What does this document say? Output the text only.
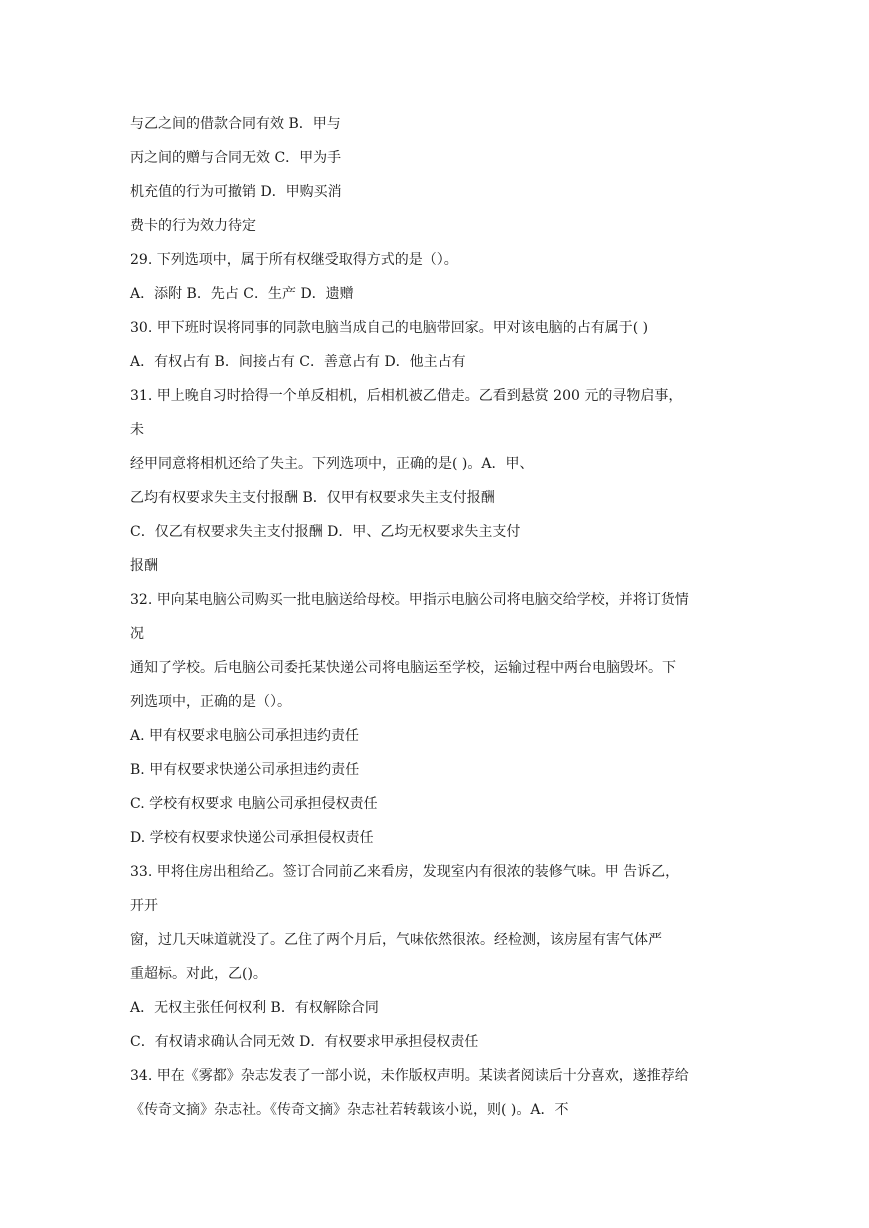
与乙之间的借款合同有效 B．甲与

丙之间的赠与合同无效 C．甲为手

机充值的行为可撤销 D．甲购买消

费卡的行为效力待定

29. 下列选项中，属于所有权继受取得方式的是（）。

A．添附 B．先占 C．生产 D．遗赠

30. 甲下班时误将同事的同款电脑当成自己的电脑带回家。甲对该电脑的占有属于( )

A．有权占有 B．间接占有 C．善意占有 D．他主占有

31. 甲上晚自习时拾得一个单反相机，后相机被乙借走。乙看到悬赏 200 元的寻物启事，

未

经甲同意将相机还给了失主。下列选项中，正确的是( )。A．甲、

乙均有权要求失主支付报酬 B．仅甲有权要求失主支付报酬

C．仅乙有权要求失主支付报酬 D．甲、乙均无权要求失主支付

报酬

32. 甲向某电脑公司购买一批电脑送给母校。甲指示电脑公司将电脑交给学校，并将订货情

况

通知了学校。后电脑公司委托某快递公司将电脑运至学校，运输过程中两台电脑毁坏。下

列选项中，正确的是（）。

A. 甲有权要求电脑公司承担违约责任

B. 甲有权要求快递公司承担违约责任

C. 学校有权要求 电脑公司承担侵权责任

D. 学校有权要求快递公司承担侵权责任

33. 甲将住房出租给乙。签订合同前乙来看房，发现室内有很浓的装修气味。甲 告诉乙，

开开

窗，过几天味道就没了。乙住了两个月后，气味依然很浓。经检测，该房屋有害气体严

重超标。对此，乙()。

A．无权主张任何权利 B．有权解除合同

C．有权请求确认合同无效 D．有权要求甲承担侵权责任

34. 甲在《雾都》杂志发表了一部小说，未作版权声明。某读者阅读后十分喜欢，遂推荐给

《传奇文摘》杂志社。《传奇文摘》杂志社若转载该小说，则( )。A．不
